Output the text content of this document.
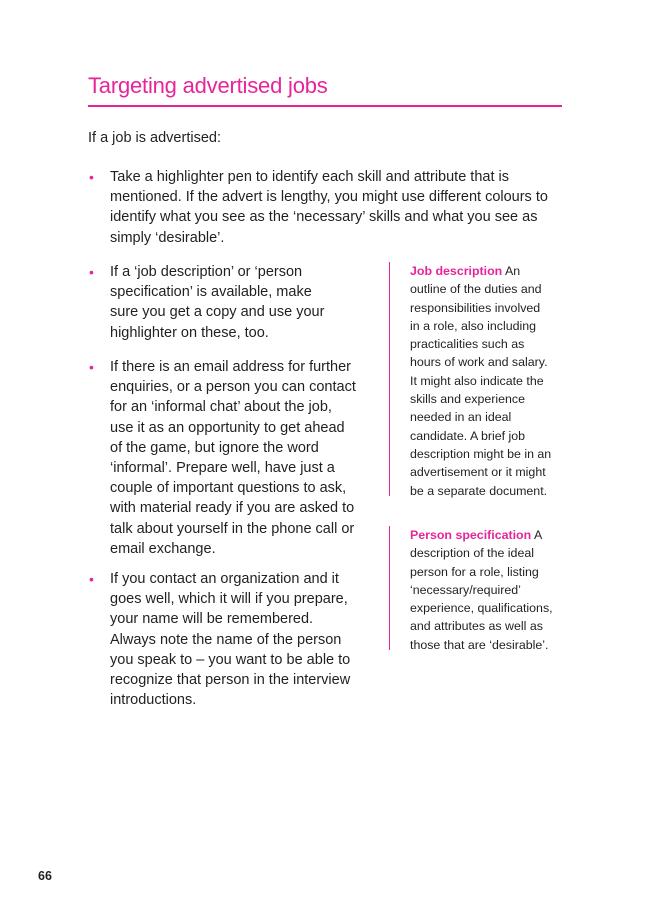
Targeting advertised jobs

If a job is advertised:

• Take a highlighter pen to identify each skill and attribute that is
mentioned. If the advert is lengthy, you might use different colours to
identify what you see as the ‘necessary’ skills and what you see as
simply ‘desirable’.
• If a ‘job description’ or ‘person
specification’ is available, make
sure you get a copy and use your
highlighter on these, too.
• If there is an email address for further
enquiries, or a person you can contact
for an ‘informal chat’ about the job,
use it as an opportunity to get ahead
of the game, but ignore the word
‘informal’. Prepare well, have just a
couple of important questions to ask,
with material ready if you are asked to
talk about yourself in the phone call or
email exchange.
• If you contact an organization and it
goes well, which it will if you prepare,
your name will be remembered.
Always note the name of the person
you speak to – you want to be able to
recognize that person in the interview
introductions.
Job description An
outline of the duties and
responsibilities involved
in a role, also including
practicalities such as
hours of work and salary.
It might also indicate the
skills and experience
needed in an ideal
candidate. A brief job
description might be in an
advertisement or it might
be a separate document.
Person specification A
description of the ideal
person for a role, listing
‘necessary/required’
experience, qualifications,
and attributes as well as
those that are ‘desirable’.

66
